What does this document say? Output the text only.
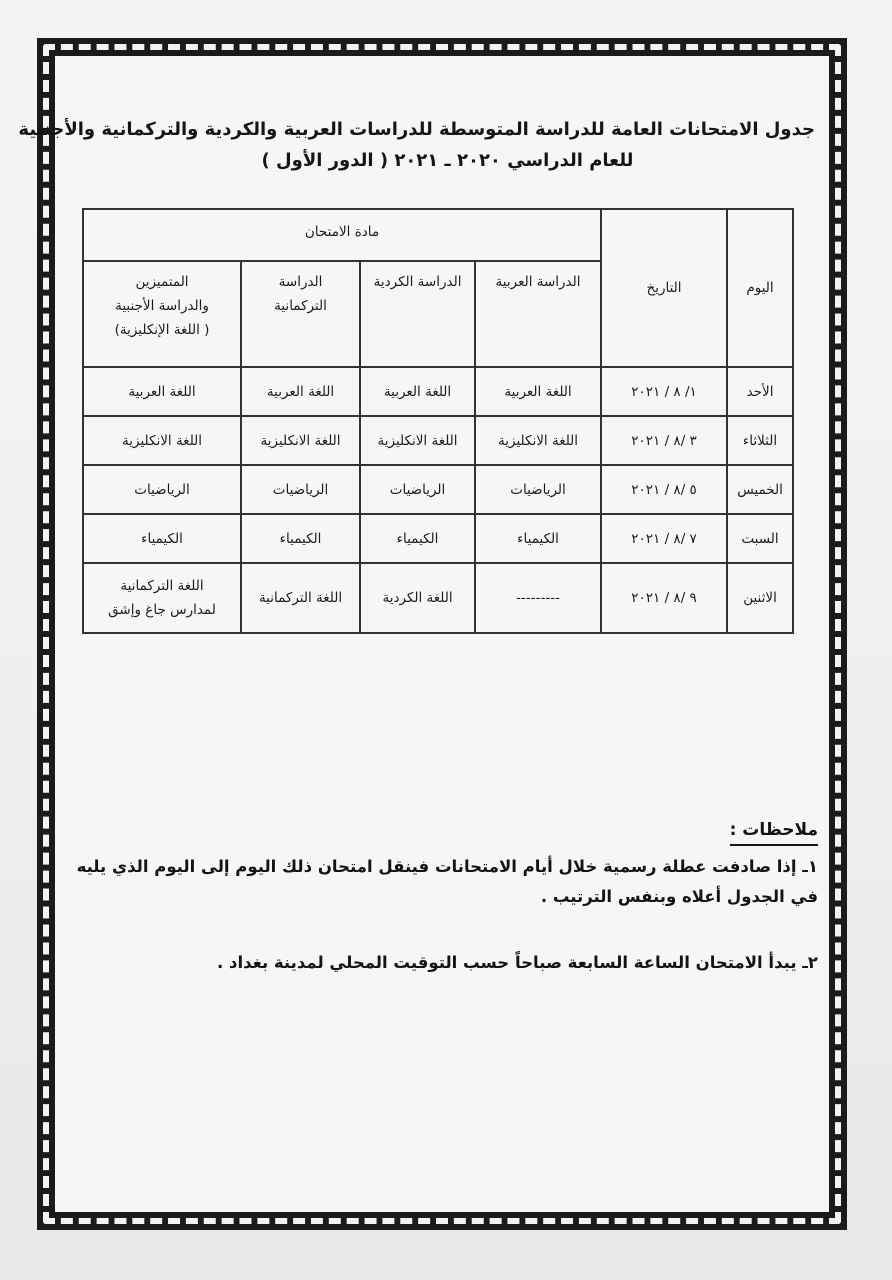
جدول الامتحانات العامة للدراسة المتوسطة للدراسات العربية والكردية والتركمانية والأجنبية
للعام الدراسي ٢٠٢٠ ـ ٢٠٢١ ( الدور الأول )
اليوم	التاريخ	مادة الامتحان			
		الدراسة العربية	الدراسة الكردية	الدراسة
التركمانية	المتميزين
والدراسة الأجنبية
( اللغة الإنكليزية)

الأحد	١/ ٨ / ٢٠٢١	اللغة العربية	اللغة العربية	اللغة العربية	اللغة العربية
الثلاثاء	٣ /٨ / ٢٠٢١	اللغة الانكليزية	اللغة الانكليزية	اللغة الانكليزية	اللغة الانكليزية
الخميس	٥ /٨ / ٢٠٢١	الرياضيات	الرياضيات	الرياضيات	الرياضيات
السبت	٧ /٨ / ٢٠٢١	الكيمياء	الكيمياء	الكيمياء	الكيمياء
الاثنين	٩ /٨ / ٢٠٢١	---------	اللغة الكردية	اللغة التركمانية	اللغة التركمانية
لمدارس جاغ وإشق
ملاحظات :
١ـ إذا صادفت عطلة رسمية خلال أيام الامتحانات فينقل امتحان ذلك اليوم إلى اليوم الذي يليه
في الجدول أعلاه وبنفس الترتيب .
٢ـ يبدأ الامتحان الساعة السابعة صباحاً حسب التوقيت المحلي لمدينة بغداد .
